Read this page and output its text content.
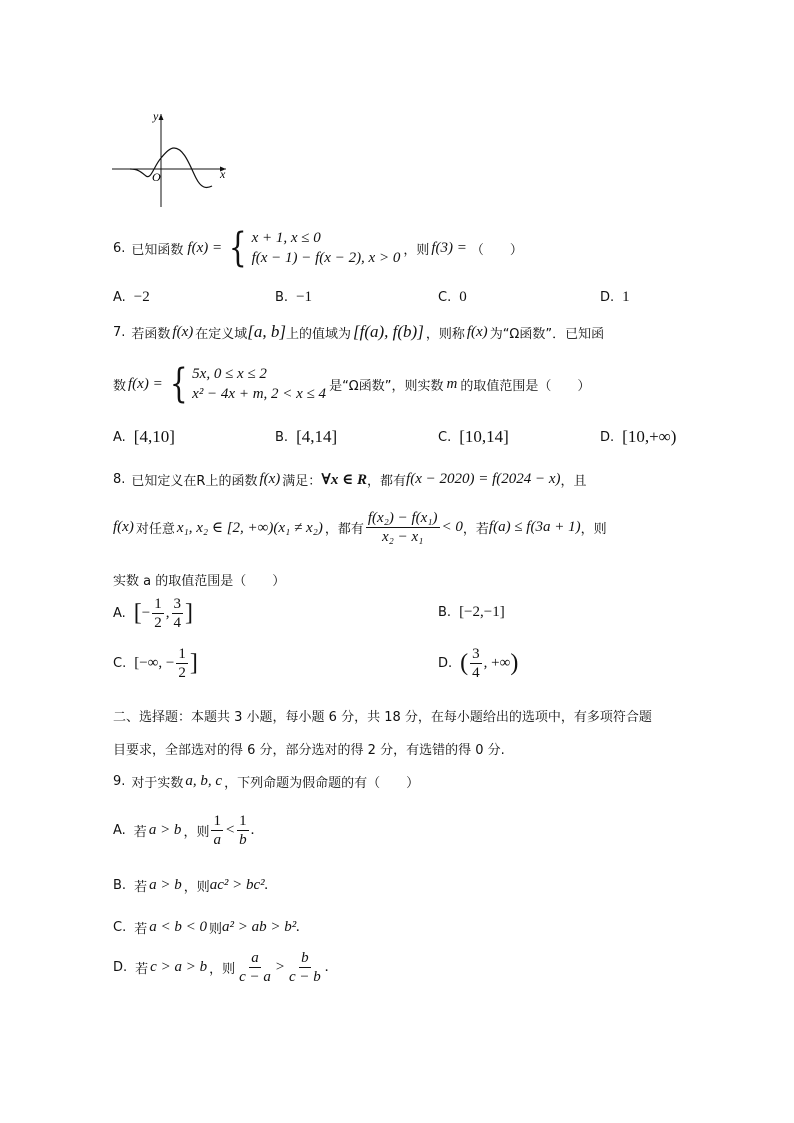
y
x
O
6. 已知函数 f(x) = { x + 1, x ≤ 0
f(x − 1) − f(x − 2), x > 0 ，则 f(3) = （　　）
A. −2	B. −1	C. 0	D. 1
7. 若函数 f(x) 在定义域 [a, b] 上的值域为 [f(a), f(b)] ，则称 f(x) 为“Ω函数”．已知函
数 f(x) = { 5x, 0 ≤ x ≤ 2
x² − 4x + m, 2 < x ≤ 4 是“Ω函数”，则实数 m 的取值范围是（　　）
A. [4,10]	B. [4,14]	C. [10,14]	D. [10,+∞)
8. 已知定义在R上的函数 f(x) 满足： ∀x ∈ R ，都有 f(x − 2020) = f(2024 − x) ，且
f(x) 对任意 x₁, x₂ ∈ [2, +∞)(x₁ ≠ x₂) ，都有 $\frac{\text{f(x₂) − f(x₁)}}{\text{x₂ − x₁}} < 0$ ，若 f(a) ≤ f(3a + 1) ，则
实数 a 的取值范围是（　　）
A. [ − $\frac{1}{2}$ , $\frac{3}{4}$ ]	B. [−2,−1]
C. [−∞, − $\frac{1}{2}$ ]	D. ( $\frac{3}{4}$ , +∞ )
二、选择题：本题共 3 小题，每小题 6 分，共 18 分，在每小题给出的选项中，有多项符合题
目要求，全部选对的得 6 分，部分选对的得 2 分，有选错的得 0 分.
9. 对于实数 a, b, c ，下列命题为假命题的有（　　）
A. 若 a > b ，则 $\frac{1}{a} < \frac{1}{b}$ .
B. 若 a > b ，则 ac² > bc².
C. 若 a < b < 0 则 a² > ab > b².
D. 若 c > a > b ，则 $\frac{a}{c - a} > \frac{b}{c - b}$ .
